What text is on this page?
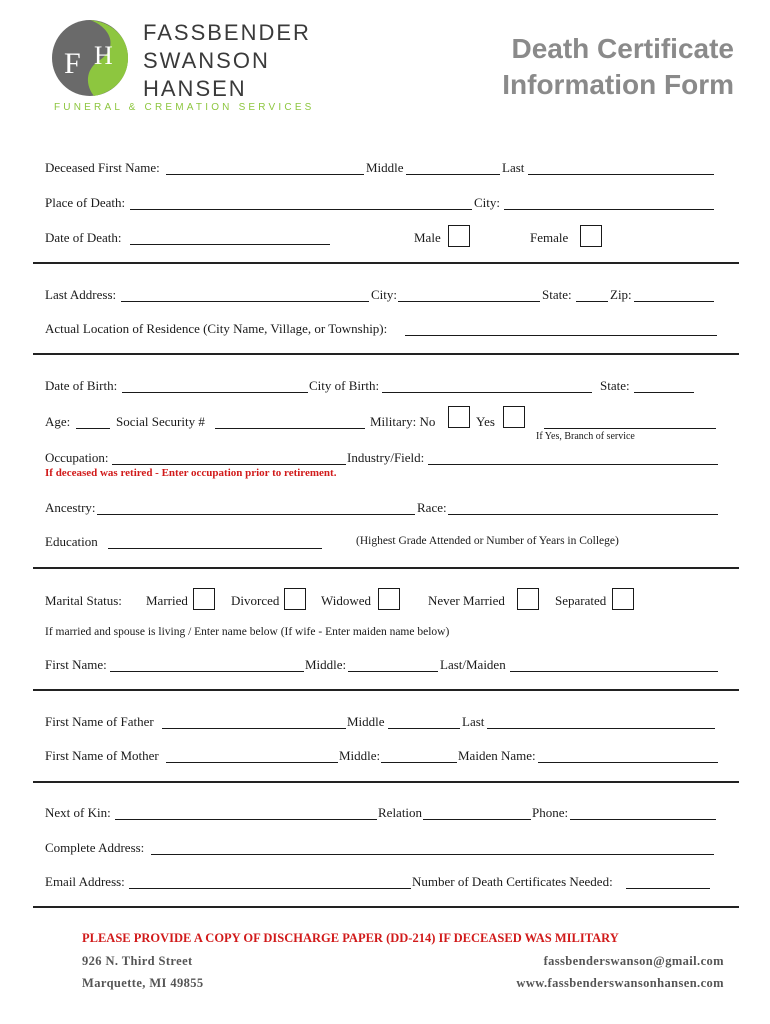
F H
FASSBENDER
SWANSON
HANSEN
FUNERAL & CREMATION SERVICES
Death Certificate
Information Form
Deceased First Name:	Middle	Last
Place of Death:	City:
Date of Death:	Male	Female
Last Address:	City:	State:	Zip:
Actual Location of Residence (City Name, Village, or Township):
Date of Birth:	City of Birth:	State:
Age:	Social Security #	Military: No	Yes
If Yes, Branch of service
Occupation:	Industry/Field:
If deceased was retired - Enter occupation prior to retirement.
Ancestry:	Race:
Education	(Highest Grade Attended or Number of Years in College)
Marital Status: Married	Divorced	Widowed	Never Married	Separated
If married and spouse is living / Enter name below (If wife - Enter maiden name below)
First Name:	Middle:	Last/Maiden
First Name of Father	Middle	Last
First Name of Mother	Middle:	Maiden Name:
Next of Kin:	Relation	Phone:
Complete Address:
Email Address:	Number of Death Certificates Needed:
PLEASE PROVIDE A COPY OF DISCHARGE PAPER (DD-214) IF DECEASED WAS MILITARY
926 N. Third Street
Marquette, MI 49855
fassbenderswanson@gmail.com
www.fassbenderswansonhansen.com
